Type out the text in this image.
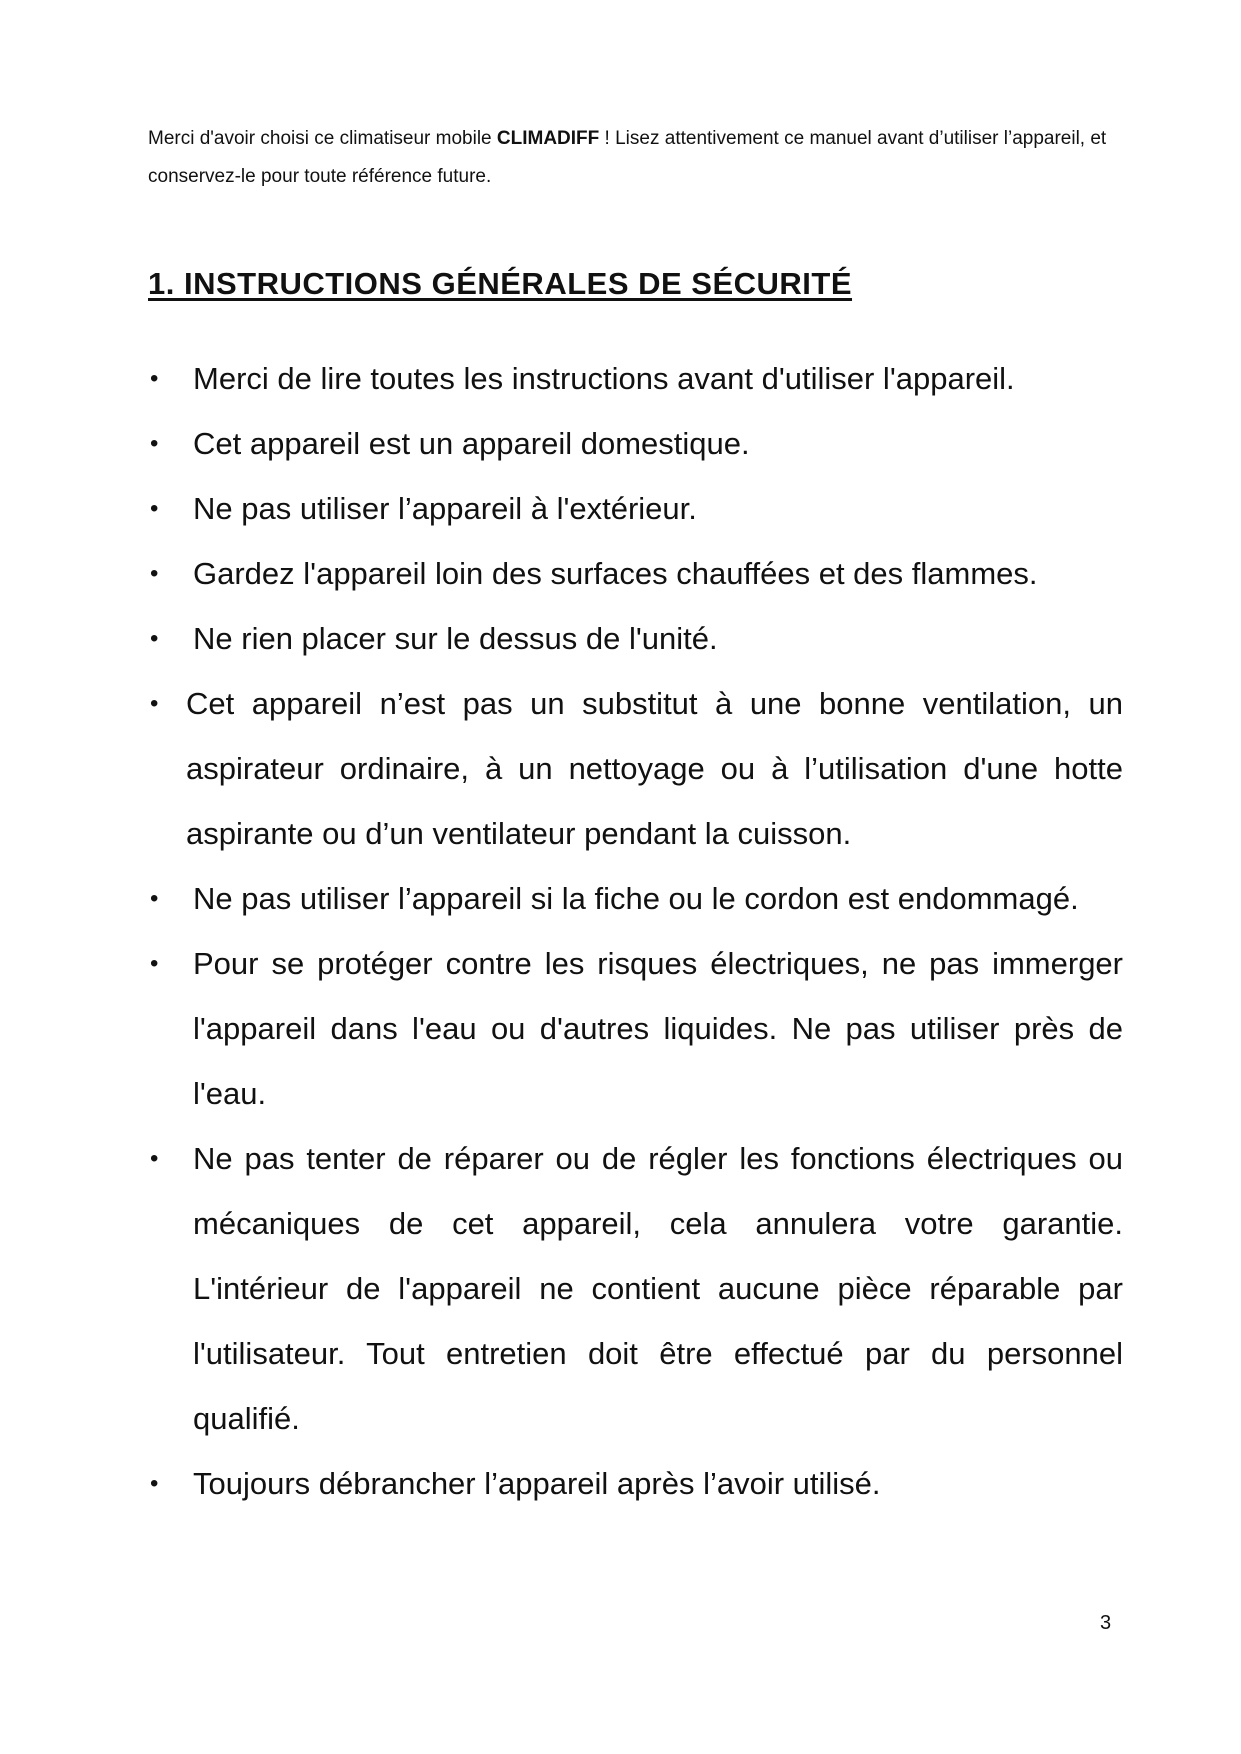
Merci d'avoir choisi ce climatiseur mobile CLIMADIFF ! Lisez attentivement ce manuel avant d’utiliser l’appareil, et conservez-le pour toute référence future.

1. INSTRUCTIONS GÉNÉRALES DE SÉCURITÉ
• Merci de lire toutes les instructions avant d'utiliser l'appareil.
• Cet appareil est un appareil domestique.
• Ne pas utiliser l’appareil à l'extérieur.
• Gardez l'appareil loin des surfaces chauffées et des flammes.
• Ne rien placer sur le dessus de l'unité.
• Cet appareil n’est pas un substitut à une bonne ventilation, un aspirateur ordinaire, à un nettoyage ou à l’utilisation d'une hotte aspirante ou d’un ventilateur pendant la cuisson.
• Ne pas utiliser l’appareil si la fiche ou le cordon est endommagé.
• Pour se protéger contre les risques électriques, ne pas immerger l'appareil dans l'eau ou d'autres liquides. Ne pas utiliser près de l'eau.
• Ne pas tenter de réparer ou de régler les fonctions électriques ou mécaniques de cet appareil, cela annulera votre garantie. L'intérieur de l'appareil ne contient aucune pièce réparable par l'utilisateur. Tout entretien doit être effectué par du personnel qualifié.
• Toujours débrancher l’appareil après l’avoir utilisé.
3
